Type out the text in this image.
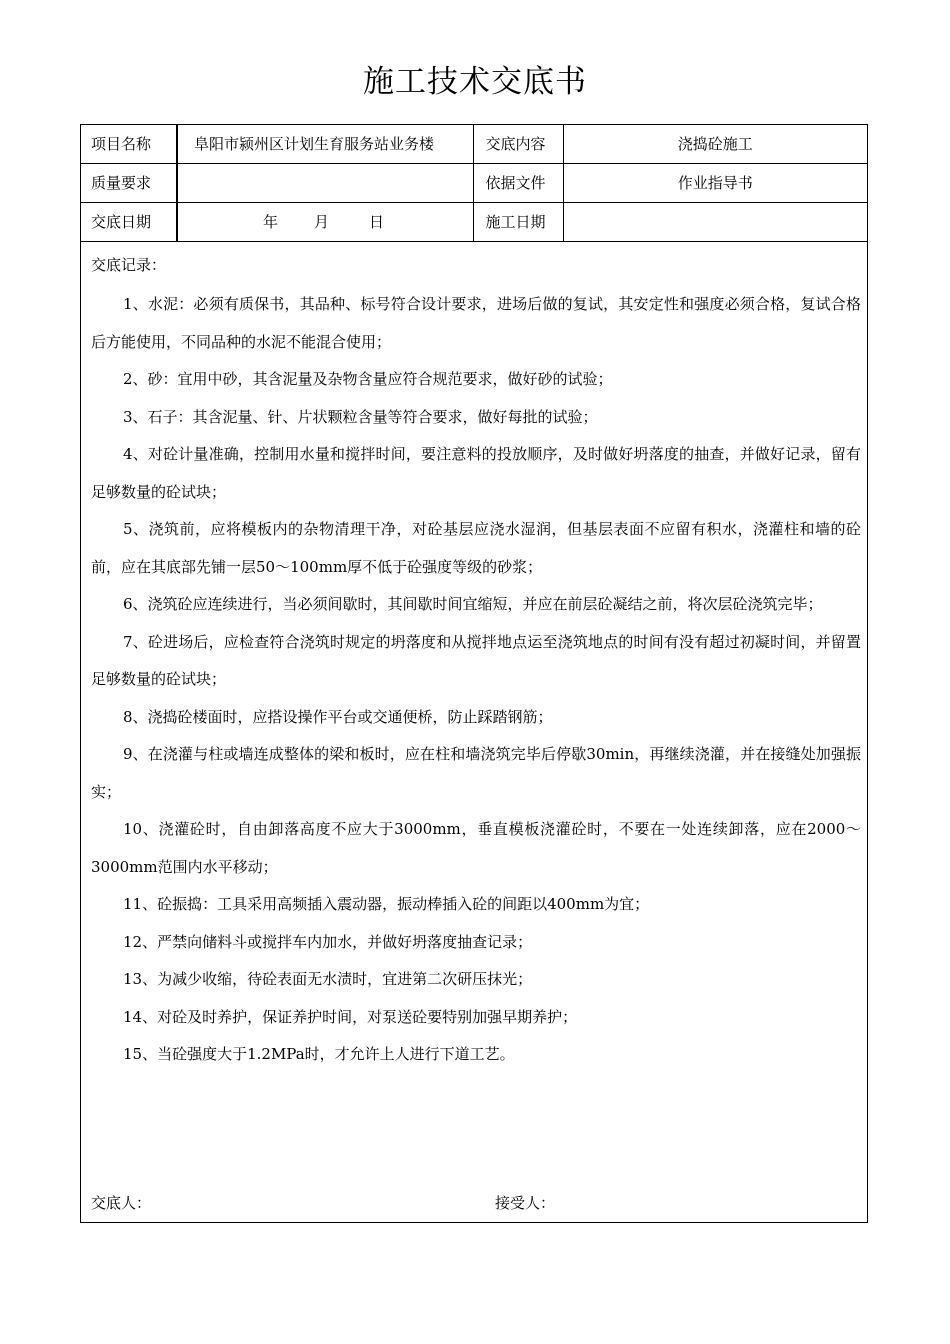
施工技术交底书
项目名称	阜阳市颍州区计划生育服务站业务楼	交底内容	浇捣砼施工
质量要求		依据文件	作业指导书
交底日期	年 月 日	施工日期	

交底记录：

1、水泥：必须有质保书，其品种、标号符合设计要求，进场后做的复试，其安定性和强度必须合格，复试合格后方能使用，不同品种的水泥不能混合使用；

2、砂：宜用中砂，其含泥量及杂物含量应符合规范要求，做好砂的试验；

3、石子：其含泥量、针、片状颗粒含量等符合要求，做好每批的试验；

4、对砼计量准确，控制用水量和搅拌时间，要注意料的投放顺序，及时做好坍落度的抽查，并做好记录，留有足够数量的砼试块；

5、浇筑前，应将模板内的杂物清理干净，对砼基层应浇水湿润，但基层表面不应留有积水，浇灌柱和墙的砼前，应在其底部先铺一层50～100mm厚不低于砼强度等级的砂浆；

6、浇筑砼应连续进行，当必须间歇时，其间歇时间宜缩短，并应在前层砼凝结之前，将次层砼浇筑完毕；

7、砼进场后，应检查符合浇筑时规定的坍落度和从搅拌地点运至浇筑地点的时间有没有超过初凝时间，并留置足够数量的砼试块；

8、浇捣砼楼面时，应搭设操作平台或交通便桥，防止踩踏钢筋；

9、在浇灌与柱或墙连成整体的梁和板时，应在柱和墙浇筑完毕后停歇30min，再继续浇灌，并在接缝处加强振实；

10、浇灌砼时，自由卸落高度不应大于3000mm，垂直模板浇灌砼时，不要在一处连续卸落，应在2000～3000mm范围内水平移动；

11、砼振捣：工具采用高频插入震动器，振动棒插入砼的间距以400mm为宜；

12、严禁向储料斗或搅拌车内加水，并做好坍落度抽查记录；

13、为减少收缩，待砼表面无水渍时，宜进第二次研压抹光；

14、对砼及时养护，保证养护时间，对泵送砼要特别加强早期养护；

15、当砼强度大于1.2MPa时，才允许上人进行下道工艺。

交底人：	接受人：
